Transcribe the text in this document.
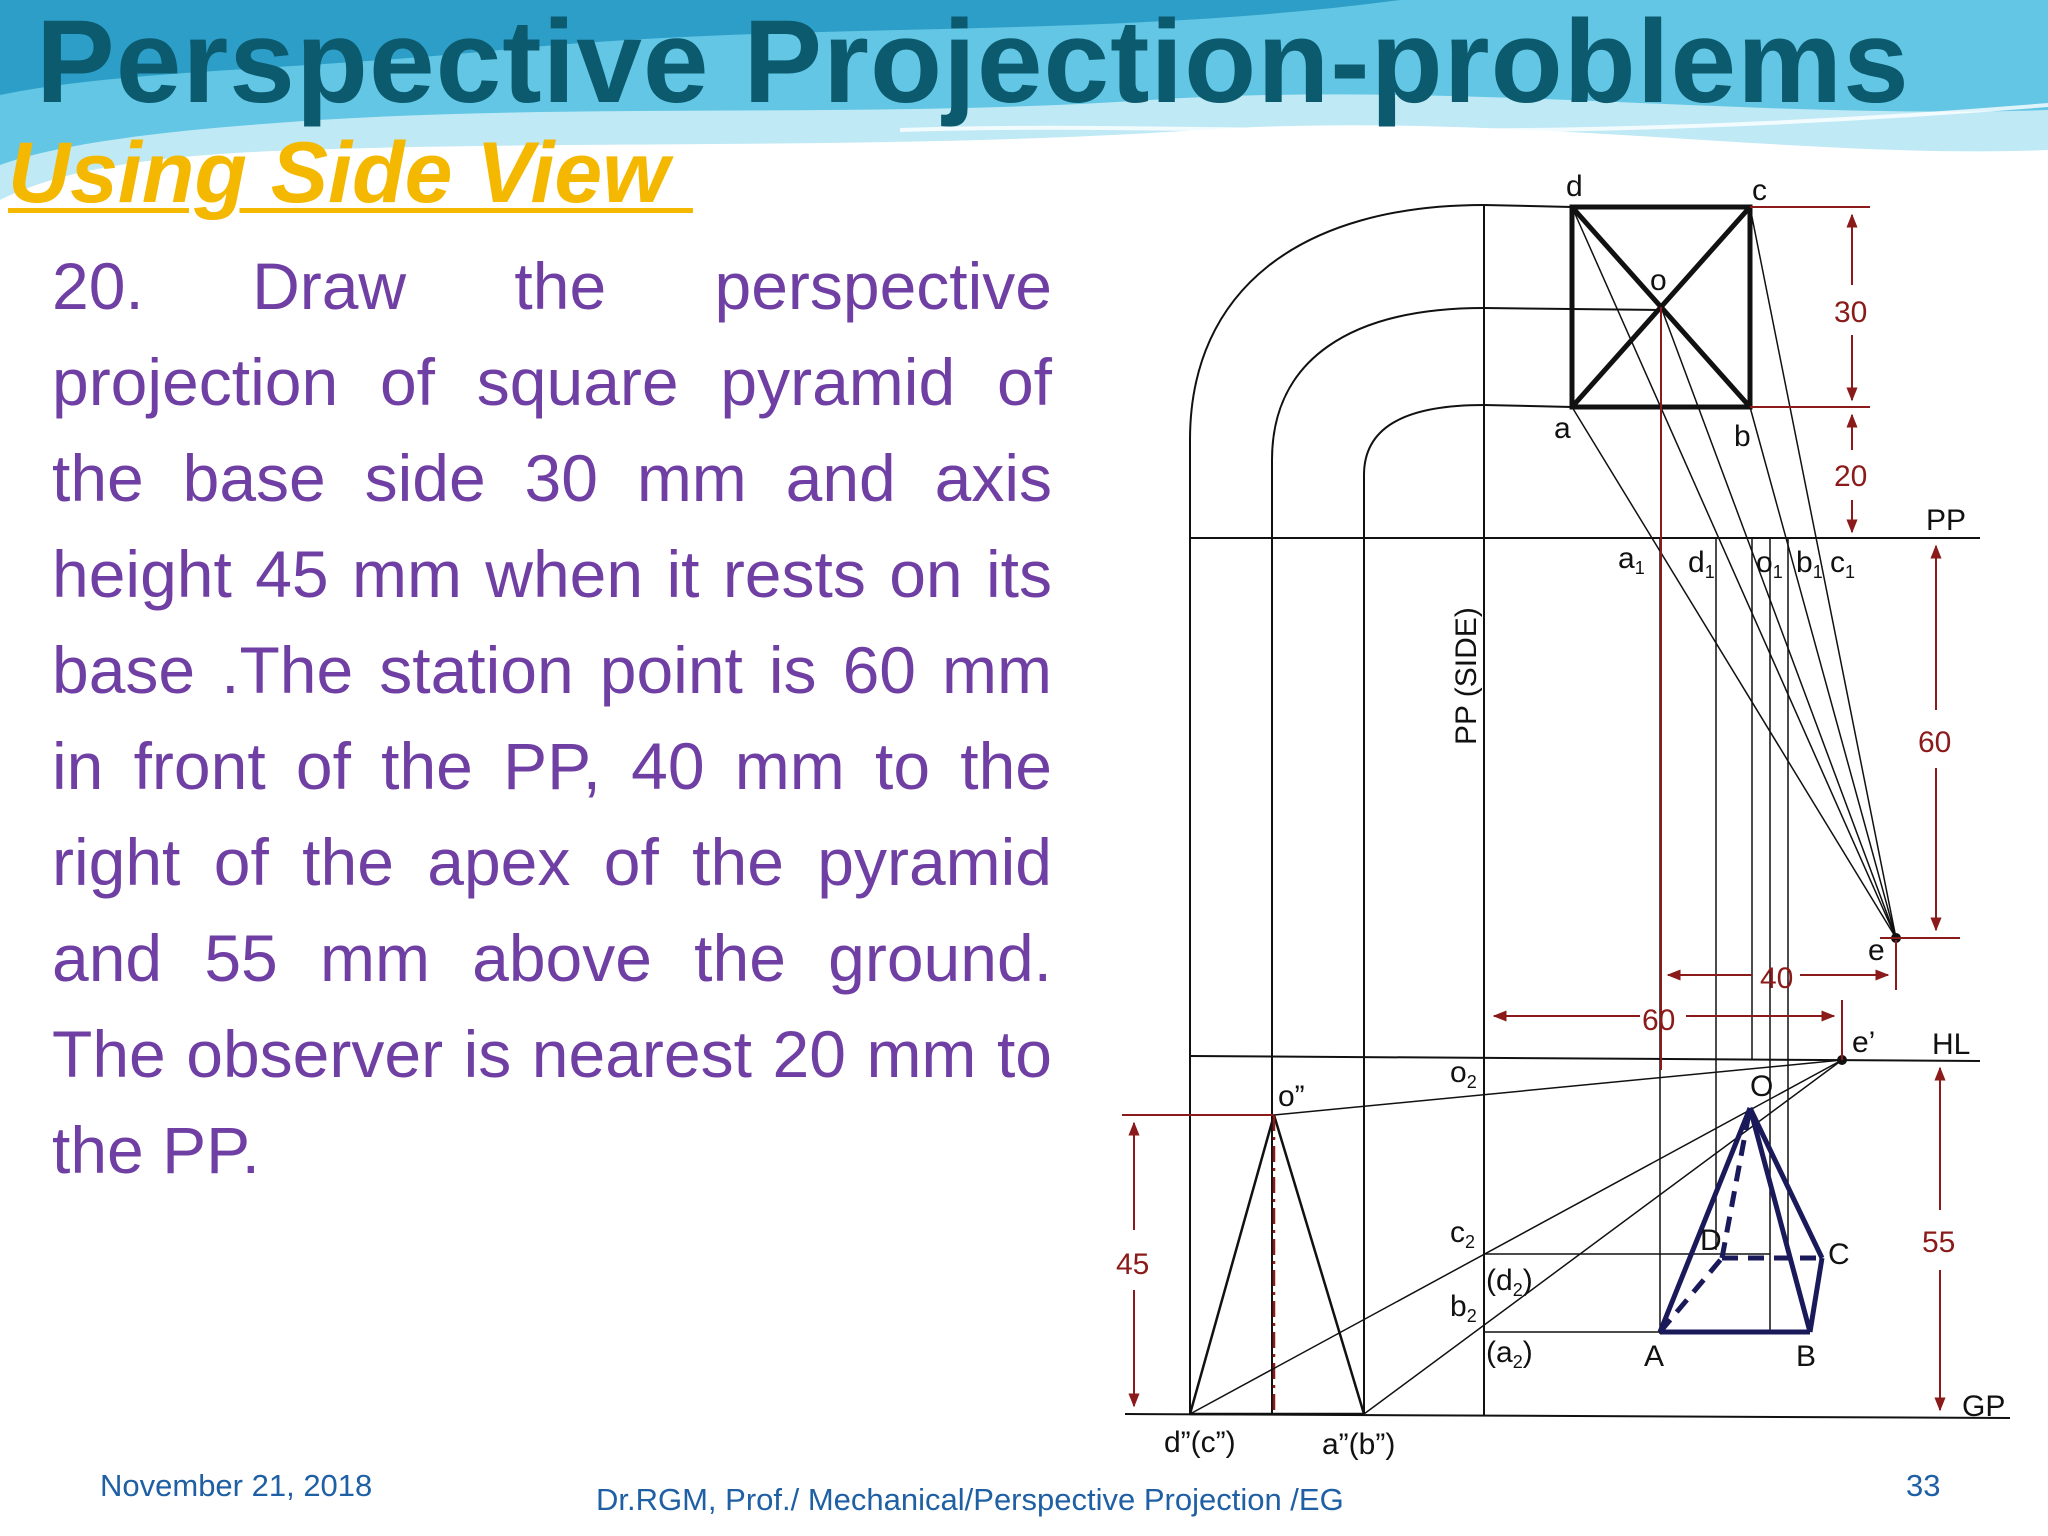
Perspective Projection-problems
Using Side View

20. Draw the perspective projection of square pyramid of the base side 30 mm and axis height 45 mm when it rests on its base .The station point is 60 mm in front of the PP, 40 mm to the right of the apex of the pyramid and 55 mm above the ground. The observer is nearest 20 mm to the PP.

d	c
o
a	b
PP
$a_1$ $d_1$ $o_1$ $b_1$ $c_1$
PP (SIDE)
e
e’ HL
GP
o”
d”(c”)	a”(b”)
$o_2$
$c_2$
$(d_2)$
$b_2$
$(a_2)$
O
A	B
C
D
30
20
60
40
60
55
45
November 21, 2018	Dr.RGM, Prof./ Mechanical/Perspective Projection /EG	33
